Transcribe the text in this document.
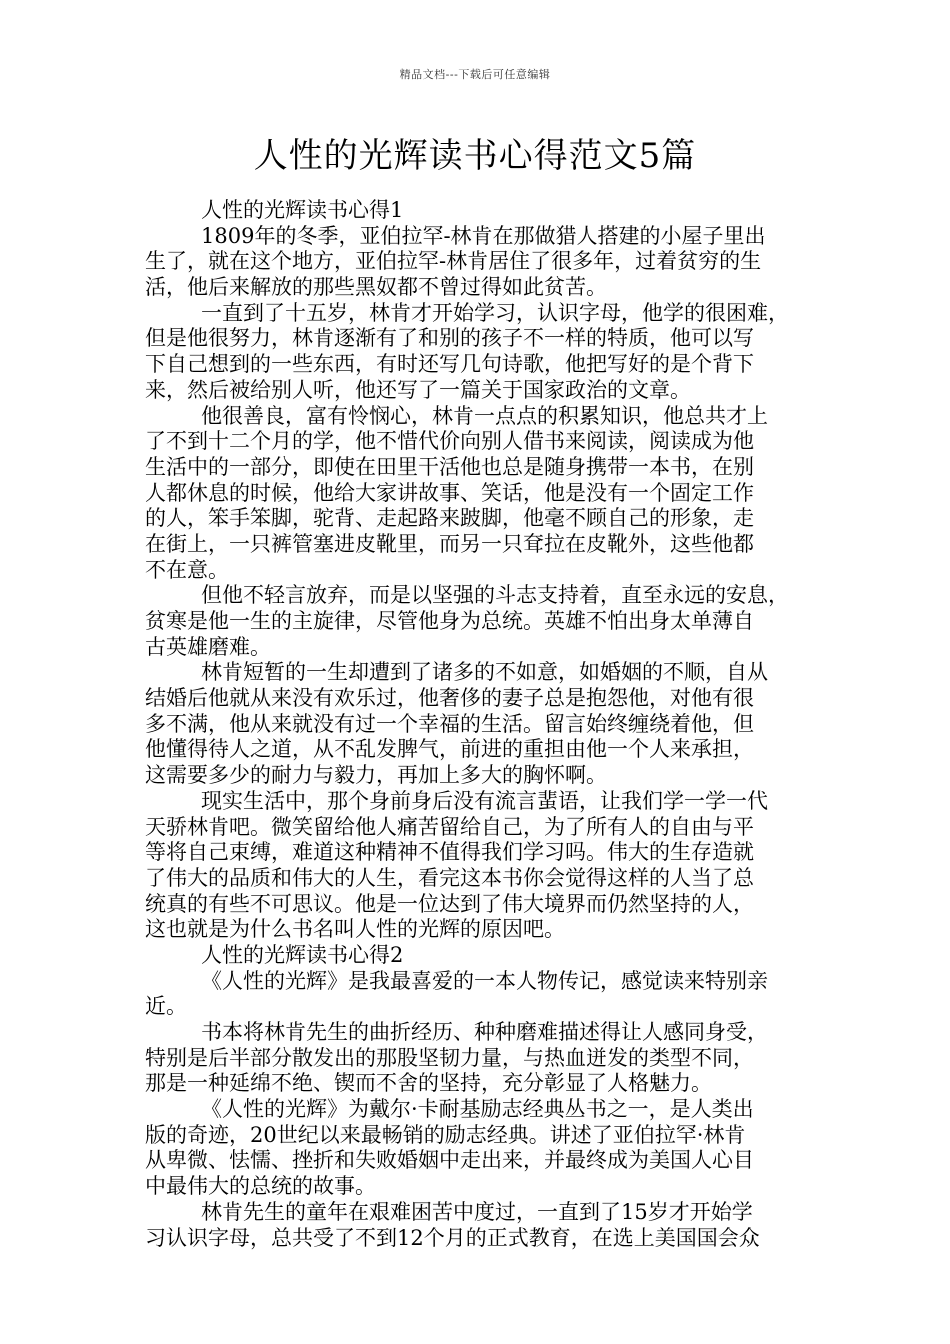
精品文档---下载后可任意编辑
人性的光辉读书心得范文5篇
人性的光辉读书心得1
1809年的冬季，亚伯拉罕-林肯在那做猎人搭建的小屋子里出
生了，就在这个地方，亚伯拉罕-林肯居住了很多年，过着贫穷的生
活，他后来解放的那些黑奴都不曾过得如此贫苦。
一直到了十五岁，林肯才开始学习，认识字母，他学的很困难，
但是他很努力，林肯逐渐有了和别的孩子不一样的特质，他可以写
下自己想到的一些东西，有时还写几句诗歌，他把写好的是个背下
来，然后被给别人听，他还写了一篇关于国家政治的文章。
他很善良，富有怜悯心，林肯一点点的积累知识，他总共才上
了不到十二个月的学，他不惜代价向别人借书来阅读，阅读成为他
生活中的一部分，即使在田里干活他也总是随身携带一本书，在别
人都休息的时候，他给大家讲故事、笑话，他是没有一个固定工作
的人，笨手笨脚，驼背、走起路来跛脚，他毫不顾自己的形象，走
在街上，一只裤管塞进皮靴里，而另一只耷拉在皮靴外，这些他都
不在意。
但他不轻言放弃，而是以坚强的斗志支持着，直至永远的安息，
贫寒是他一生的主旋律，尽管他身为总统。英雄不怕出身太单薄自
古英雄磨难。
林肯短暂的一生却遭到了诸多的不如意，如婚姻的不顺，自从
结婚后他就从来没有欢乐过，他奢侈的妻子总是抱怨他，对他有很
多不满，他从来就没有过一个幸福的生活。留言始终缠绕着他，但
他懂得待人之道，从不乱发脾气，前进的重担由他一个人来承担，
这需要多少的耐力与毅力，再加上多大的胸怀啊。
现实生活中，那个身前身后没有流言蜚语，让我们学一学一代
天骄林肯吧。微笑留给他人痛苦留给自己，为了所有人的自由与平
等将自己束缚，难道这种精神不值得我们学习吗。伟大的生存造就
了伟大的品质和伟大的人生，看完这本书你会觉得这样的人当了总
统真的有些不可思议。他是一位达到了伟大境界而仍然坚持的人，
这也就是为什么书名叫人性的光辉的原因吧。
人性的光辉读书心得2
《人性的光辉》是我最喜爱的一本人物传记，感觉读来特别亲
近。
书本将林肯先生的曲折经历、种种磨难描述得让人感同身受，
特别是后半部分散发出的那股坚韧力量，与热血迸发的类型不同，
那是一种延绵不绝、锲而不舍的坚持，充分彰显了人格魅力。
《人性的光辉》为戴尔·卡耐基励志经典丛书之一，是人类出
版的奇迹，20世纪以来最畅销的励志经典。讲述了亚伯拉罕·林肯
从卑微、怯懦、挫折和失败婚姻中走出来，并最终成为美国人心目
中最伟大的总统的故事。
林肯先生的童年在艰难困苦中度过，一直到了15岁才开始学
习认识字母，总共受了不到12个月的正式教育，在选上美国国会众
